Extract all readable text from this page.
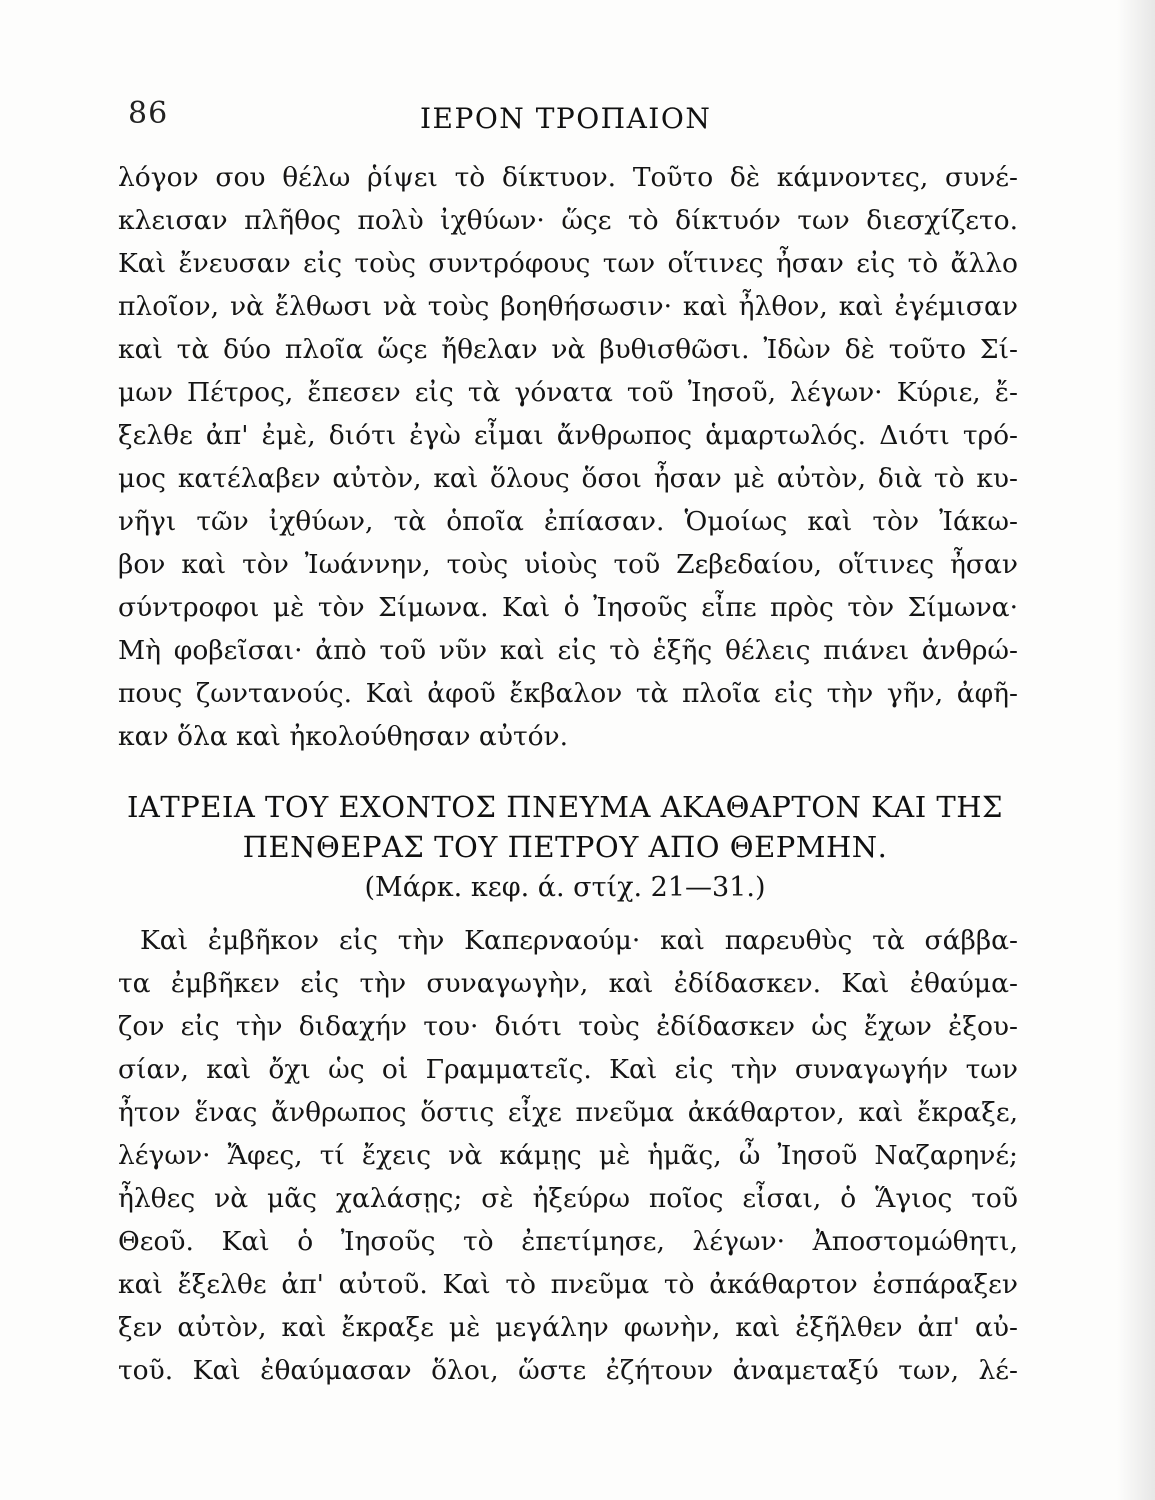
86	ΙΕΡΟΝ ΤΡΟΠΑΙΟΝ
λόγον σου θέλω ῥίψει τὸ δίκτυον. Τοῦτο δὲ κάμνοντες, συνέ-
κλεισαν πλῆθος πολὺ ἰχθύων· ὥςε τὸ δίκτυόν των διεσχίζετο.
Καὶ ἔνευσαν εἰς τοὺς συντρόφους των οἵτινες ἦσαν εἰς τὸ ἄλλο
πλοῖον, νὰ ἔλθωσι νὰ τοὺς βοηθήσωσιν· καὶ ἦλθον, καὶ ἐγέμισαν
καὶ τὰ δύο πλοῖα ὥςε ἤθελαν νὰ βυθισθῶσι. Ἰδὼν δὲ τοῦτο Σί-
μων Πέτρος, ἔπεσεν εἰς τὰ γόνατα τοῦ Ἰησοῦ, λέγων· Κύριε, ἔ-
ξελθε ἀπ' ἐμὲ, διότι ἐγὼ εἶμαι ἄνθρωπος ἁμαρτωλός. Διότι τρό-
μος κατέλαβεν αὐτὸν, καὶ ὅλους ὅσοι ἦσαν μὲ αὐτὸν, διὰ τὸ κυ-
νῆγι τῶν ἰχθύων, τὰ ὁποῖα ἐπίασαν. Ὁμοίως καὶ τὸν Ἰάκω-
βον καὶ τὸν Ἰωάννην, τοὺς υἱοὺς τοῦ Ζεβεδαίου, οἵτινες ἦσαν
σύντροφοι μὲ τὸν Σίμωνα. Καὶ ὁ Ἰησοῦς εἶπε πρὸς τὸν Σίμωνα·
Μὴ φοβεῖσαι· ἀπὸ τοῦ νῦν καὶ εἰς τὸ ἑξῆς θέλεις πιάνει ἀνθρώ-
πους ζωντανούς. Καὶ ἀφοῦ ἔκβαλον τὰ πλοῖα εἰς τὴν γῆν, ἀφῆ-
καν ὅλα καὶ ἠκολούθησαν αὐτόν.
ΙΑΤΡΕΙΑ ΤΟΥ ΕΧΟΝΤΟΣ ΠΝΕΥΜΑ ΑΚΑΘΑΡΤΟΝ ΚΑΙ ΤΗΣ
ΠΕΝΘΕΡΑΣ ΤΟΥ ΠΕΤΡΟΥ ΑΠΟ ΘΕΡΜΗΝ.
(Μάρκ. κεφ. ά. στίχ. 21—31.)
Καὶ ἐμβῆκον εἰς τὴν Καπερναούμ· καὶ παρευθὺς τὰ σάββα-
τα ἐμβῆκεν εἰς τὴν συναγωγὴν, καὶ ἐδίδασκεν. Καὶ ἐθαύμα-
ζον εἰς τὴν διδαχήν του· διότι τοὺς ἐδίδασκεν ὡς ἔχων ἐξου-
σίαν, καὶ ὄχι ὡς οἱ Γραμματεῖς. Καὶ εἰς τὴν συναγωγήν των
ἦτον ἕνας ἄνθρωπος ὅστις εἶχε πνεῦμα ἀκάθαρτον, καὶ ἔκραξε,
λέγων· Ἄφες, τί ἔχεις νὰ κάμῃς μὲ ἡμᾶς, ὦ Ἰησοῦ Ναζαρηνέ;
ἦλθες νὰ μᾶς χαλάσῃς; σὲ ἠξεύρω ποῖος εἶσαι, ὁ Ἅγιος τοῦ
Θεοῦ. Καὶ ὁ Ἰησοῦς τὸ ἐπετίμησε, λέγων· Ἀποστομώθητι,
καὶ ἔξελθε ἀπ' αὐτοῦ. Καὶ τὸ πνεῦμα τὸ ἀκάθαρτον ἐσπάραξεν
ξεν αὐτὸν, καὶ ἔκραξε μὲ μεγάλην φωνὴν, καὶ ἐξῆλθεν ἀπ' αὐ-
τοῦ. Καὶ ἐθαύμασαν ὅλοι, ὥστε ἐζήτουν ἀναμεταξύ των, λέ-
